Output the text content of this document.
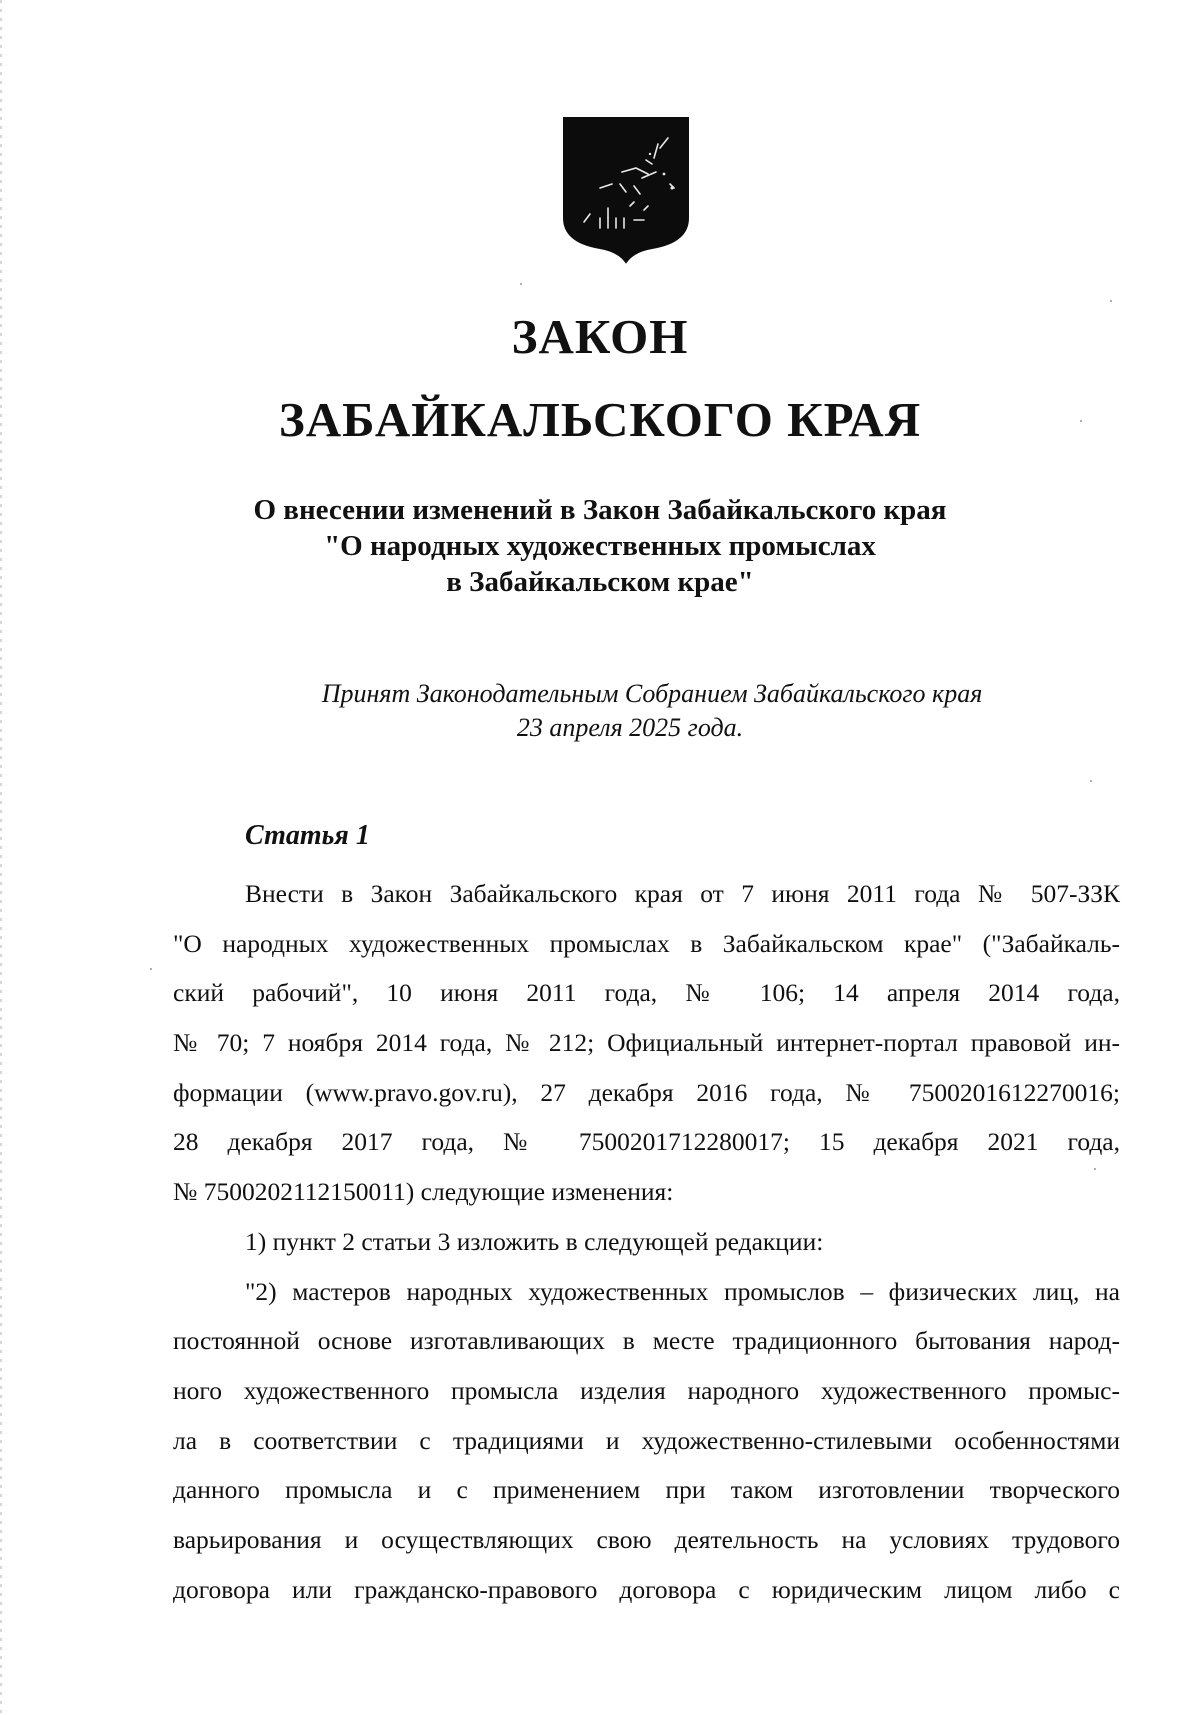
ЗАКОН
ЗАБАЙКАЛЬСКОГО КРАЯ
О внесении изменений в Закон Забайкальского края
"О народных художественных промыслах
в Забайкальском крае"
Принят Законодательным Собранием Забайкальского края
23 апреля 2025 года.
Статья 1
Внести в Закон Забайкальского края от 7 июня 2011 года № 507-ЗЗК
"О народных художественных промыслах в Забайкальском крае" ("Забайкаль-
ский рабочий", 10 июня 2011 года, № 106; 14 апреля 2014 года,
№ 70; 7 ноября 2014 года, № 212; Официальный интернет-портал правовой ин-
формации (www.pravo.gov.ru), 27 декабря 2016 года, № 7500201612270016;
28 декабря 2017 года, № 7500201712280017; 15 декабря 2021 года,
№ 7500202112150011) следующие изменения:
1) пункт 2 статьи 3 изложить в следующей редакции:
"2) мастеров народных художественных промыслов – физических лиц, на
постоянной основе изготавливающих в месте традиционного бытования народ-
ного художественного промысла изделия народного художественного промыс-
ла в соответствии с традициями и художественно-стилевыми особенностями
данного промысла и с применением при таком изготовлении творческого
варьирования и осуществляющих свою деятельность на условиях трудового
договора или гражданско-правового договора с юридическим лицом либо с
